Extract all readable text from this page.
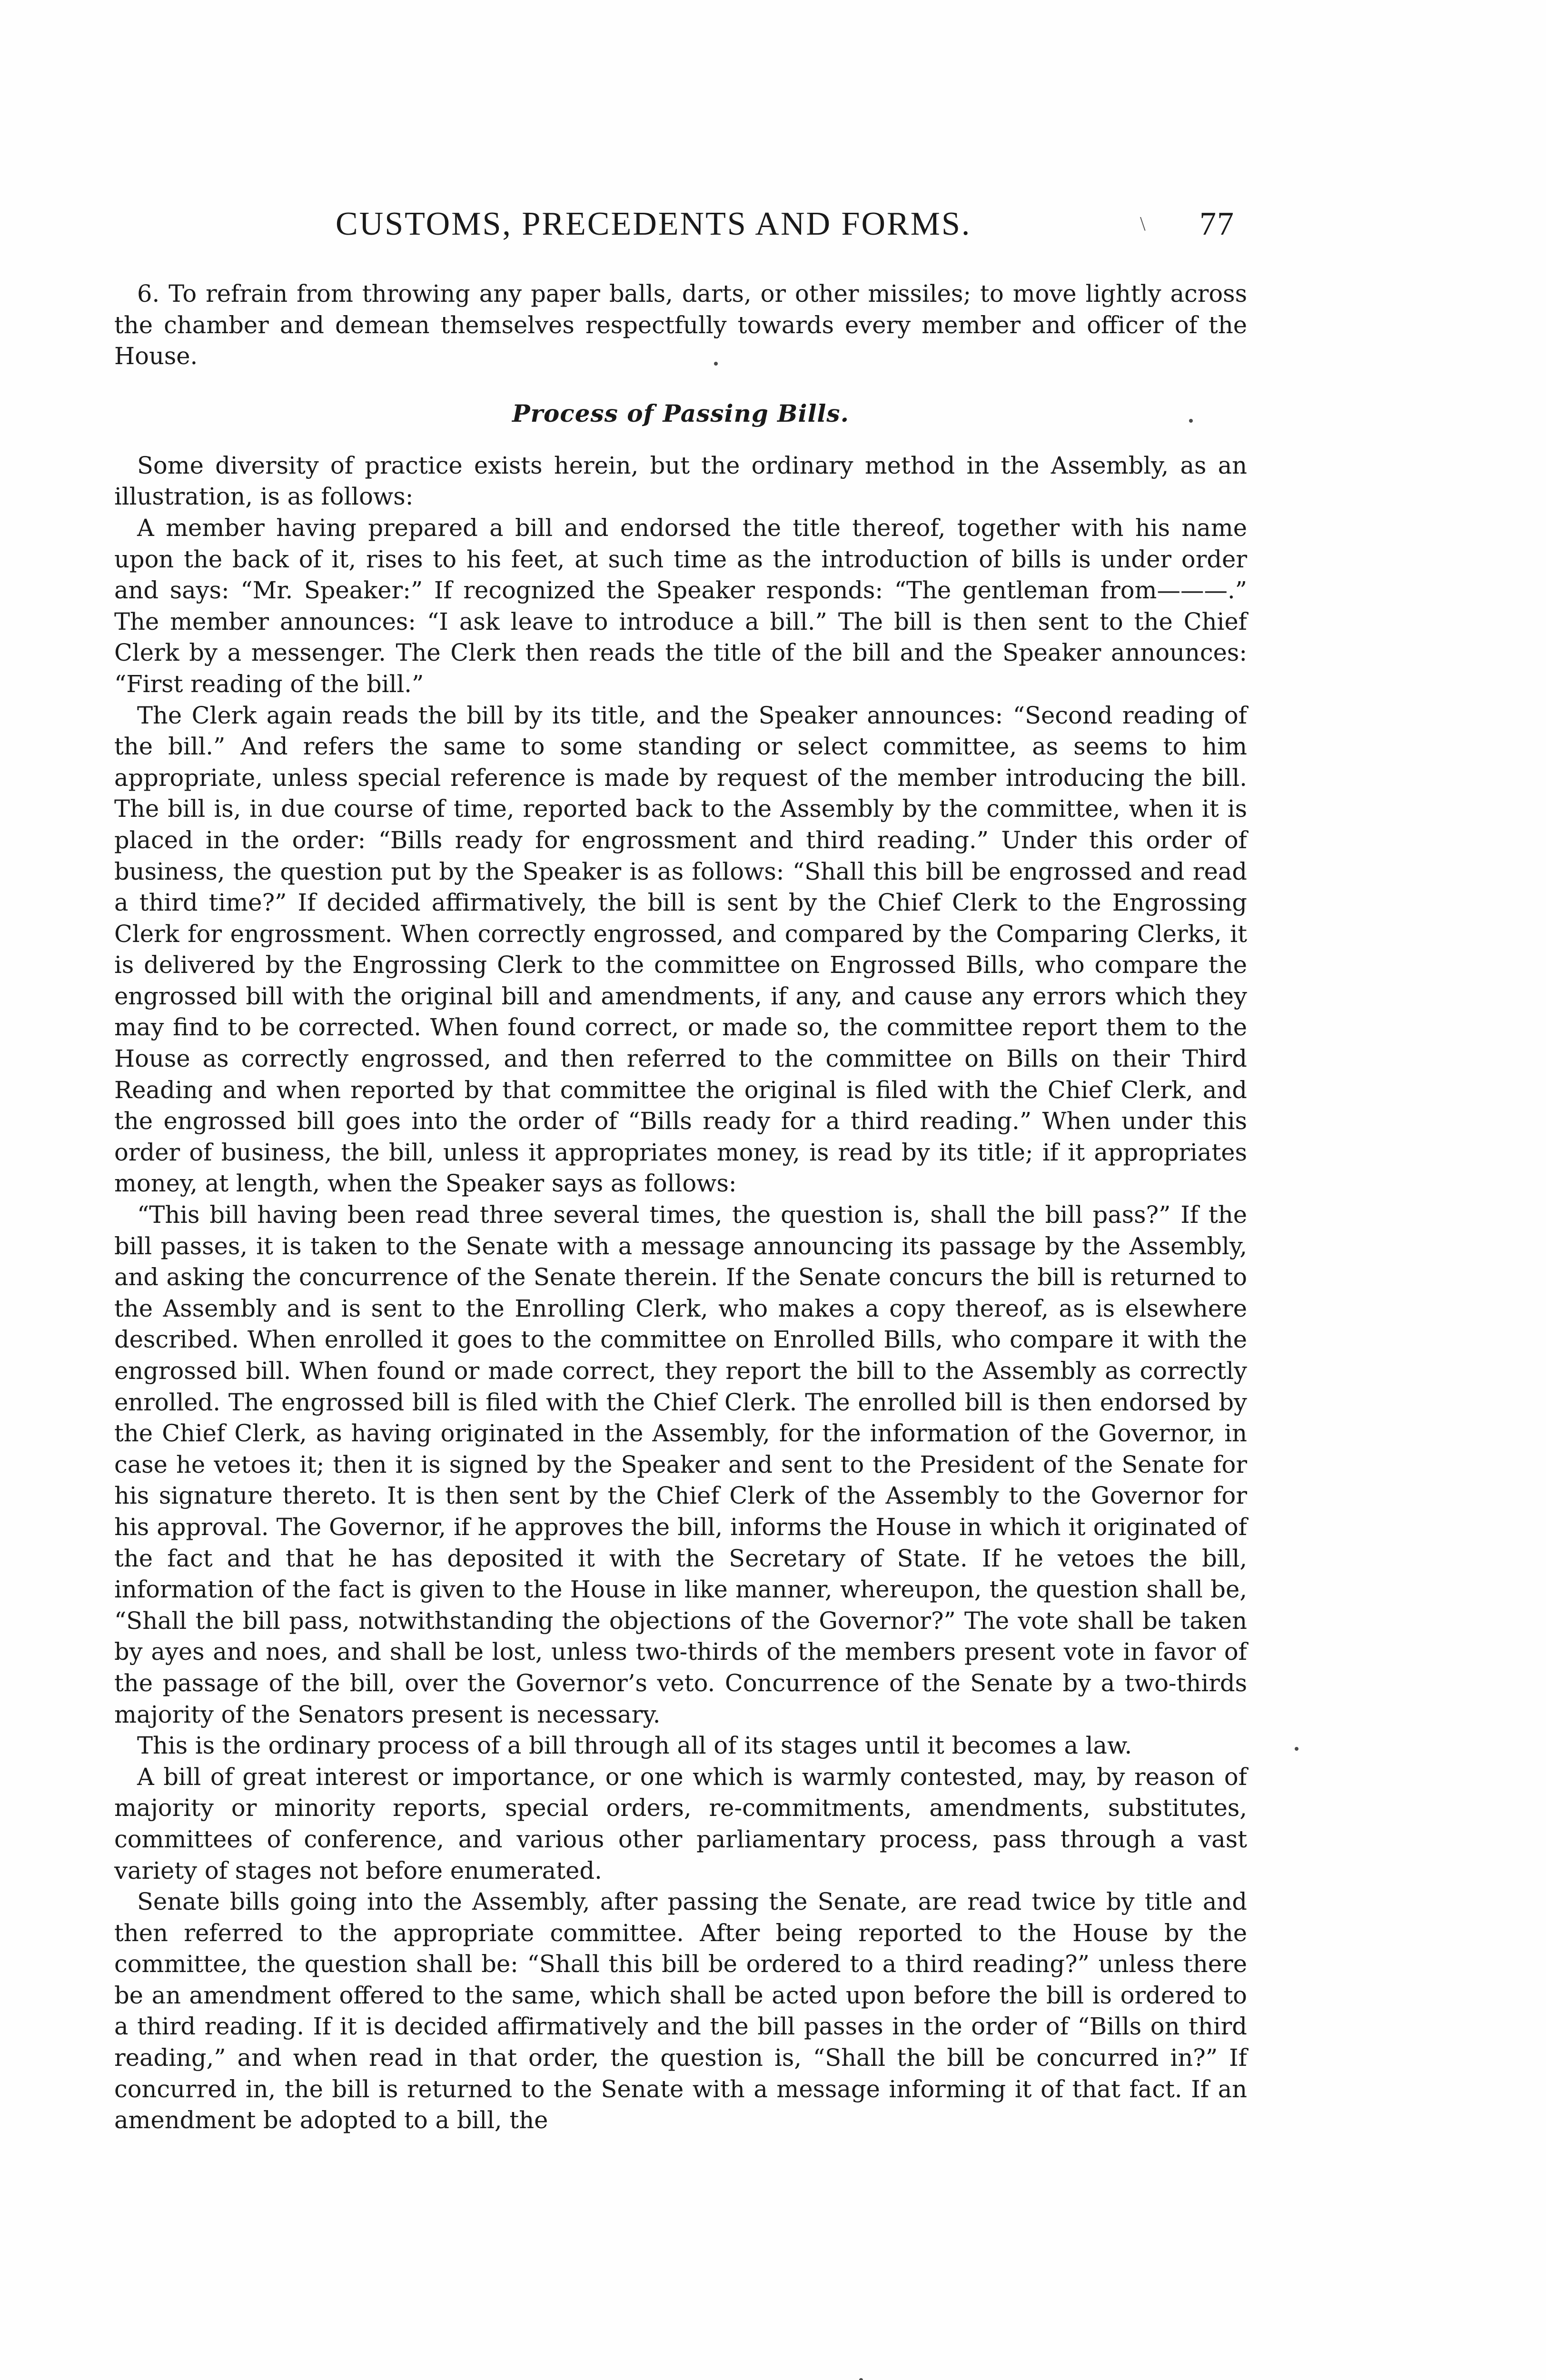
CUSTOMS, PRECEDENTS AND FORMS.	\ 77

6. To refrain from throwing any paper balls, darts, or other missiles; to move lightly across the chamber and demean themselves respectfully towards every member and officer of the House.

Process of Passing Bills.

Some diversity of practice exists herein, but the ordinary method in the Assembly, as an illustration, is as follows:

A member having prepared a bill and endorsed the title thereof, together with his name upon the back of it, rises to his feet, at such time as the introduction of bills is under order and says: “Mr. Speaker:” If recognized the Speaker responds: “The gentleman from———.” The member announces: “I ask leave to introduce a bill.” The bill is then sent to the Chief Clerk by a messenger. The Clerk then reads the title of the bill and the Speaker announces: “First reading of the bill.”

The Clerk again reads the bill by its title, and the Speaker announces: “Second reading of the bill.” And refers the same to some standing or select committee, as seems to him appropriate, unless special reference is made by request of the member introducing the bill. The bill is, in due course of time, reported back to the Assembly by the committee, when it is placed in the order: “Bills ready for engrossment and third reading.” Under this order of business, the question put by the Speaker is as follows: “Shall this bill be engrossed and read a third time?” If decided affirmatively, the bill is sent by the Chief Clerk to the Engrossing Clerk for engrossment. When correctly engrossed, and compared by the Comparing Clerks, it is delivered by the Engrossing Clerk to the committee on Engrossed Bills, who compare the engrossed bill with the original bill and amendments, if any, and cause any errors which they may find to be corrected. When found correct, or made so, the committee report them to the House as correctly engrossed, and then referred to the committee on Bills on their Third Reading and when reported by that committee the original is filed with the Chief Clerk, and the engrossed bill goes into the order of “Bills ready for a third reading.” When under this order of business, the bill, unless it appropriates money, is read by its title; if it appropriates money, at length, when the Speaker says as follows:

“This bill having been read three several times, the question is, shall the bill pass?” If the bill passes, it is taken to the Senate with a message announcing its passage by the Assembly, and asking the concurrence of the Senate therein. If the Senate concurs the bill is returned to the Assembly and is sent to the Enrolling Clerk, who makes a copy thereof, as is elsewhere described. When enrolled it goes to the committee on Enrolled Bills, who compare it with the engrossed bill. When found or made correct, they report the bill to the Assembly as correctly enrolled. The engrossed bill is filed with the Chief Clerk. The enrolled bill is then endorsed by the Chief Clerk, as having originated in the Assembly, for the information of the Governor, in case he vetoes it; then it is signed by the Speaker and sent to the President of the Senate for his signature thereto. It is then sent by the Chief Clerk of the Assembly to the Governor for his approval. The Governor, if he approves the bill, informs the House in which it originated of the fact and that he has deposited it with the Secretary of State. If he vetoes the bill, information of the fact is given to the House in like manner, whereupon, the question shall be, “Shall the bill pass, notwithstanding the objections of the Governor?” The vote shall be taken by ayes and noes, and shall be lost, unless two-thirds of the members present vote in favor of the passage of the bill, over the Governor’s veto. Concurrence of the Senate by a two-thirds majority of the Senators present is necessary.

This is the ordinary process of a bill through all of its stages until it becomes a law.

A bill of great interest or importance, or one which is warmly contested, may, by reason of majority or minority reports, special orders, re-commitments, amendments, substitutes, committees of conference, and various other parliamentary process, pass through a vast variety of stages not before enumerated.

Senate bills going into the Assembly, after passing the Senate, are read twice by title and then referred to the appropriate committee. After being reported to the House by the committee, the question shall be: “Shall this bill be ordered to a third reading?” unless there be an amendment offered to the same, which shall be acted upon before the bill is ordered to a third reading. If it is decided affirmatively and the bill passes in the order of “Bills on third reading,” and when read in that order, the question is, “Shall the bill be concurred in?” If concurred in, the bill is returned to the Senate with a message informing it of that fact. If an amendment be adopted to a bill, the
